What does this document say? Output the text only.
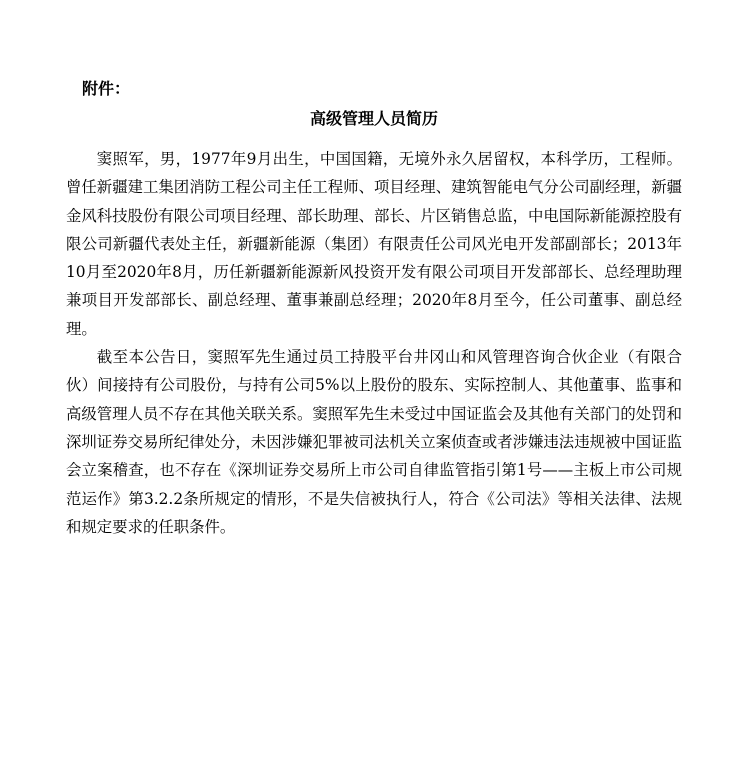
附件：
高级管理人员简历

窦照军，男，1977年9月出生，中国国籍，无境外永久居留权，本科学历，工程师。曾任新疆建工集团消防工程公司主任工程师、项目经理、建筑智能电气分公司副经理，新疆金风科技股份有限公司项目经理、部长助理、部长、片区销售总监，中电国际新能源控股有限公司新疆代表处主任，新疆新能源（集团）有限责任公司风光电开发部副部长；2013年10月至2020年8月，历任新疆新能源新风投资开发有限公司项目开发部部长、总经理助理兼项目开发部部长、副总经理、董事兼副总经理；2020年8月至今，任公司董事、副总经理。

截至本公告日，窦照军先生通过员工持股平台井冈山和风管理咨询合伙企业（有限合伙）间接持有公司股份，与持有公司5%以上股份的股东、实际控制人、其他董事、监事和高级管理人员不存在其他关联关系。窦照军先生未受过中国证监会及其他有关部门的处罚和深圳证券交易所纪律处分，未因涉嫌犯罪被司法机关立案侦查或者涉嫌违法违规被中国证监会立案稽查，也不存在《深圳证券交易所上市公司自律监管指引第1号——主板上市公司规范运作》第3.2.2条所规定的情形，不是失信被执行人，符合《公司法》等相关法律、法规和规定要求的任职条件。
